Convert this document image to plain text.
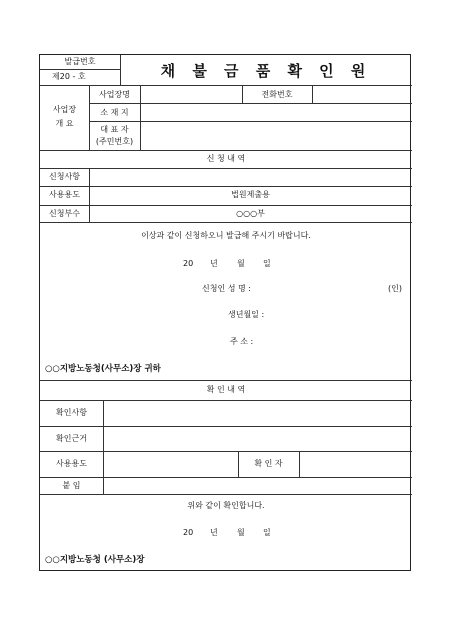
발급번호
제20 - 호	채 불 금 품 확 인 원
사업장
개 요
사업장명	전화번호
소 재 지
대 표 자
(주민번호)
신 청 내 역
신청사항
사용용도	법원제출용
신청부수	○○○부
이상과 같이 신청하오니 발급해 주시기 바랍니다.
20 년 월 일
신청인 성 명 :	(인)
생년월일 :
주 소 :
○○지방노동청(사무소)장 귀하
확 인 내 역
확인사항
확인근거
사용용도	확 인 자
붙 임
위와 같이 확인합니다.
20 년 월 일
○○지방노동청 (사무소)장
